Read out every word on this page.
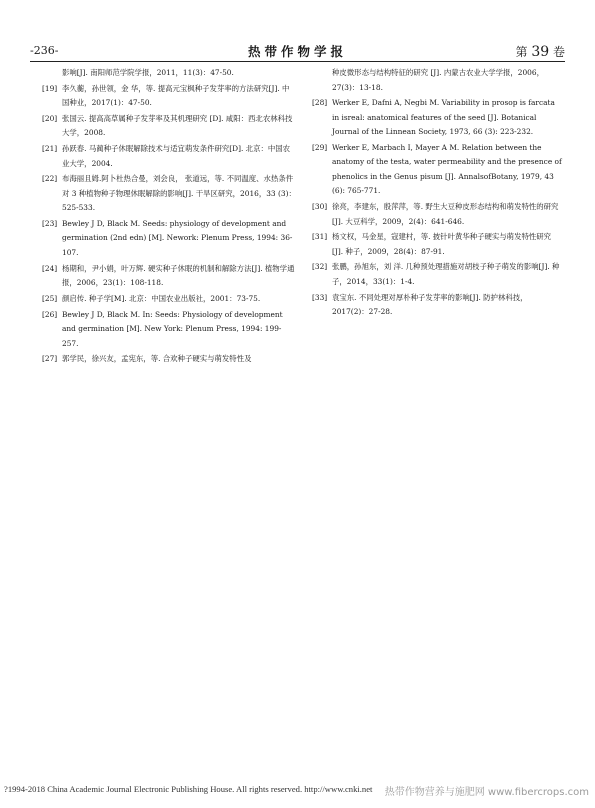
-236-	热带作物学报	第 39 卷
影响[J]. 南阳师范学院学报，2011，11(3)：47-50.
[19] 李久蘅，孙世领，金 华，等. 提高元宝枫种子发芽率的方法研究[J]. 中国种业，2017(1)：47-50.
[20] 张国云. 提高高草属种子发芽率及其机理研究 [D]. 咸阳：西北农林科技大学，2008.
[21] 孙跃春. 马蔺种子休眠解除技术与适宜萌发条件研究[D]. 北京：中国农业大学，2004.
[22] 布海丽且姆.阿卜杜热合曼，刘会良， 张道远，等. 不同温度、水热条件对 3 种植物种子物理休眠解除的影响[J]. 干旱区研究，2016，33 (3)：525-533.
[23] Bewley J D, Black M. Seeds: physiology of development and germination (2nd edn) [M]. Nework: Plenum Press, 1994: 36-107.
[24] 杨期和，尹小娟，叶万辉. 硬实种子休眠的机制和解除方法[J]. 植物学通报，2006，23(1)：108-118.
[25] 颜启传. 种子学[M]. 北京：中国农业出版社，2001：73-75.
[26] Bewley J D, Black M. In: Seeds: Physiology of development and germination [M]. New York: Plenum Press, 1994: 199-257.
[27] 郭学民，徐兴友，孟宪东，等. 合欢种子硬实与萌发特性及
种皮微形态与结构特征的研究 [J]. 内蒙古农业大学学报，2006，27(3)：13-18.
[28] Werker E, Dafni A, Negbi M. Variability in prosop is farcata in isreal: anatomical features of the seed [J]. Botanical Journal of the Linnean Society, 1973, 66 (3): 223-232.
[29] Werker E, Marbach I, Mayer A M. Relation between the anatomy of the testa, water permeability and the presence of phenolics in the Genus pisum [J]. AnnalsofBotany, 1979, 43 (6): 765-771.
[30] 徐亮，李建东，殷萍萍，等. 野生大豆种皮形态结构和萌发特性的研究[J]. 大豆科学，2009，2(4)：641-646.
[31] 杨文权，马金星，寇建村，等. 披针叶黄华种子硬实与萌发特性研究[J]. 种子，2009，28(4)：87-91.
[32] 张鹏，孙旭东，刘 洋. 几种预处理措施对胡枝子种子萌发的影响[J]. 种子，2014，33(1)：1-4.
[33] 袁宝东. 不同处理对厚朴种子发芽率的影响[J]. 防护林科技，2017(2)：27-28.
?1994-2018 China Academic Journal Electronic Publishing House. All rights reserved. http://www.cnki.net 热带作物营养与施肥网 www.fibercrops.com
